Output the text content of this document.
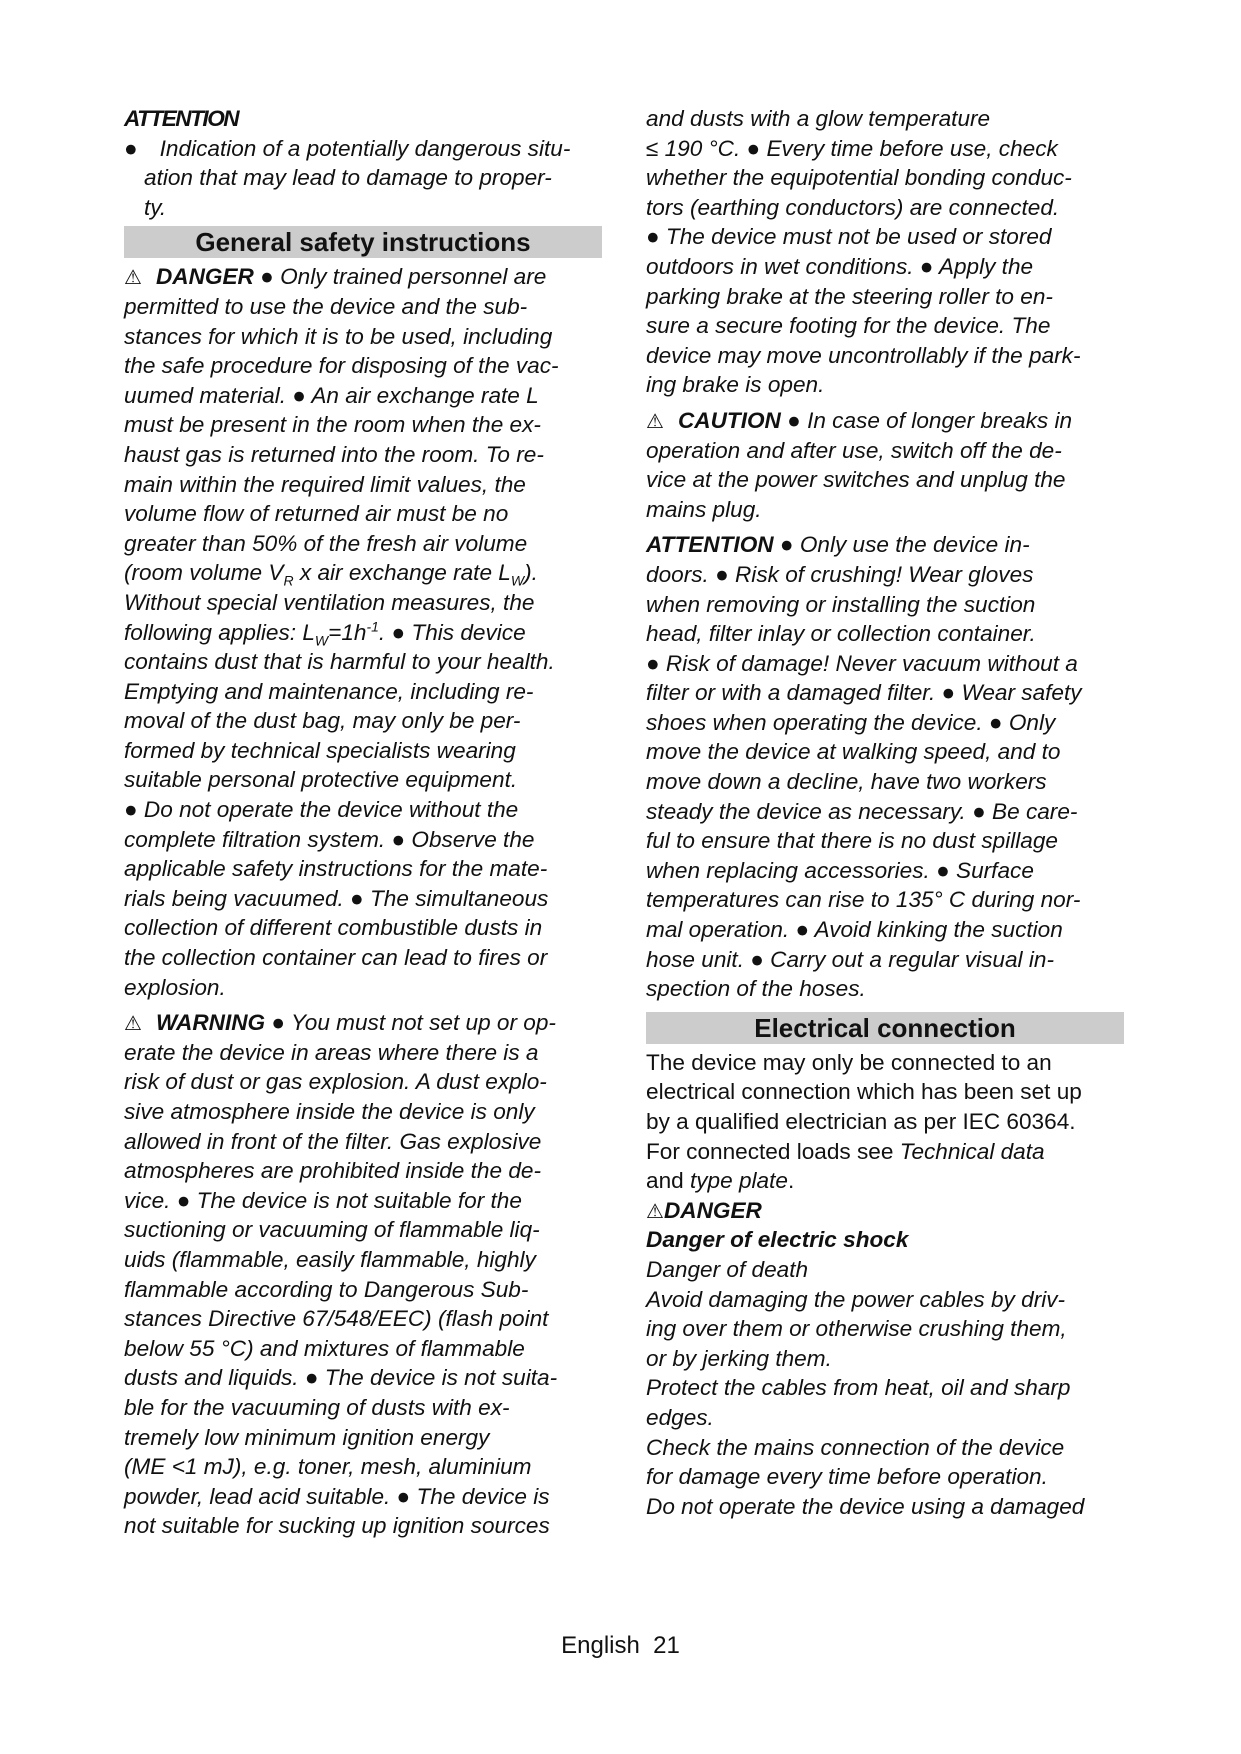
ATTENTION
● Indication of a potentially dangerous situ-
ation that may lead to damage to proper-
ty.
General safety instructions
⚠ DANGER ● Only trained personnel are
permitted to use the device and the sub-
stances for which it is to be used, including
the safe procedure for disposing of the vac-
uumed material. ● An air exchange rate L
must be present in the room when the ex-
haust gas is returned into the room. To re-
main within the required limit values, the
volume flow of returned air must be no
greater than 50% of the fresh air volume
(room volume $V_R$ x air exchange rate $L_W$).
Without special ventilation measures, the
following applies: $L_W=1h^{-1}$. ● This device
contains dust that is harmful to your health.
Emptying and maintenance, including re-
moval of the dust bag, may only be per-
formed by technical specialists wearing
suitable personal protective equipment.
● Do not operate the device without the
complete filtration system. ● Observe the
applicable safety instructions for the mate-
rials being vacuumed. ● The simultaneous
collection of different combustible dusts in
the collection container can lead to fires or
explosion.
⚠ WARNING ● You must not set up or op-
erate the device in areas where there is a
risk of dust or gas explosion. A dust explo-
sive atmosphere inside the device is only
allowed in front of the filter. Gas explosive
atmospheres are prohibited inside the de-
vice. ● The device is not suitable for the
suctioning or vacuuming of flammable liq-
uids (flammable, easily flammable, highly
flammable according to Dangerous Sub-
stances Directive 67/548/EEC) (flash point
below 55 °C) and mixtures of flammable
dusts and liquids. ● The device is not suita-
ble for the vacuuming of dusts with ex-
tremely low minimum ignition energy
(ME <1 mJ), e.g. toner, mesh, aluminium
powder, lead acid suitable. ● The device is
not suitable for sucking up ignition sources
and dusts with a glow temperature
≤ 190 °C. ● Every time before use, check
whether the equipotential bonding conduc-
tors (earthing conductors) are connected.
● The device must not be used or stored
outdoors in wet conditions. ● Apply the
parking brake at the steering roller to en-
sure a secure footing for the device. The
device may move uncontrollably if the park-
ing brake is open.
⚠ CAUTION ● In case of longer breaks in
operation and after use, switch off the de-
vice at the power switches and unplug the
mains plug.
ATTENTION ● Only use the device in-
doors. ● Risk of crushing! Wear gloves
when removing or installing the suction
head, filter inlay or collection container.
● Risk of damage! Never vacuum without a
filter or with a damaged filter. ● Wear safety
shoes when operating the device. ● Only
move the device at walking speed, and to
move down a decline, have two workers
steady the device as necessary. ● Be care-
ful to ensure that there is no dust spillage
when replacing accessories. ● Surface
temperatures can rise to 135° C during nor-
mal operation. ● Avoid kinking the suction
hose unit. ● Carry out a regular visual in-
spection of the hoses.
Electrical connection
The device may only be connected to an
electrical connection which has been set up
by a qualified electrician as per IEC 60364.
For connected loads see Technical data
and type plate.
⚠DANGER
Danger of electric shock
Danger of death
Avoid damaging the power cables by driv-
ing over them or otherwise crushing them,
or by jerking them.
Protect the cables from heat, oil and sharp
edges.
Check the mains connection of the device
for damage every time before operation.
Do not operate the device using a damaged
English 21
